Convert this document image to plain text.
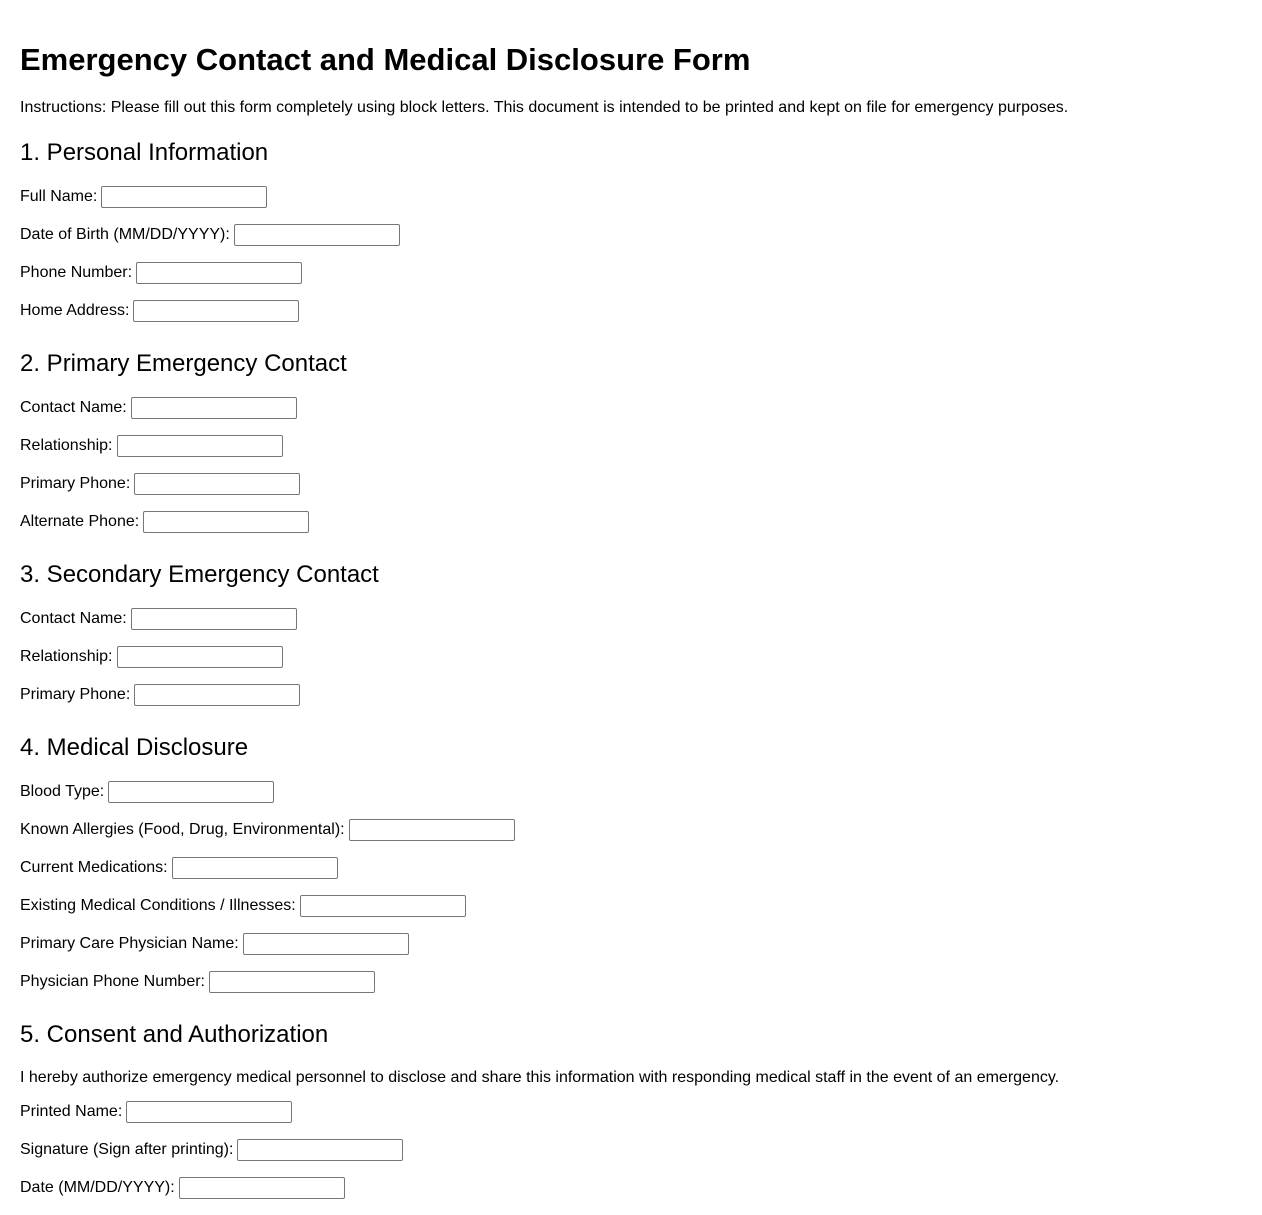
Emergency Contact and Medical Disclosure Form

Instructions: Please fill out this form completely using block letters. This document is intended to be printed and kept on file for emergency purposes.

1. Personal Information
Full Name:
Date of Birth (MM/DD/YYYY):
Phone Number:
Home Address:
2. Primary Emergency Contact
Contact Name:
Relationship:
Primary Phone:
Alternate Phone:
3. Secondary Emergency Contact
Contact Name:
Relationship:
Primary Phone:
4. Medical Disclosure
Blood Type:
Known Allergies (Food, Drug, Environmental):
Current Medications:
Existing Medical Conditions / Illnesses:
Primary Care Physician Name:
Physician Phone Number:
5. Consent and Authorization

I hereby authorize emergency medical personnel to disclose and share this information with responding medical staff in the event of an emergency.

Printed Name:
Signature (Sign after printing):
Date (MM/DD/YYYY):
